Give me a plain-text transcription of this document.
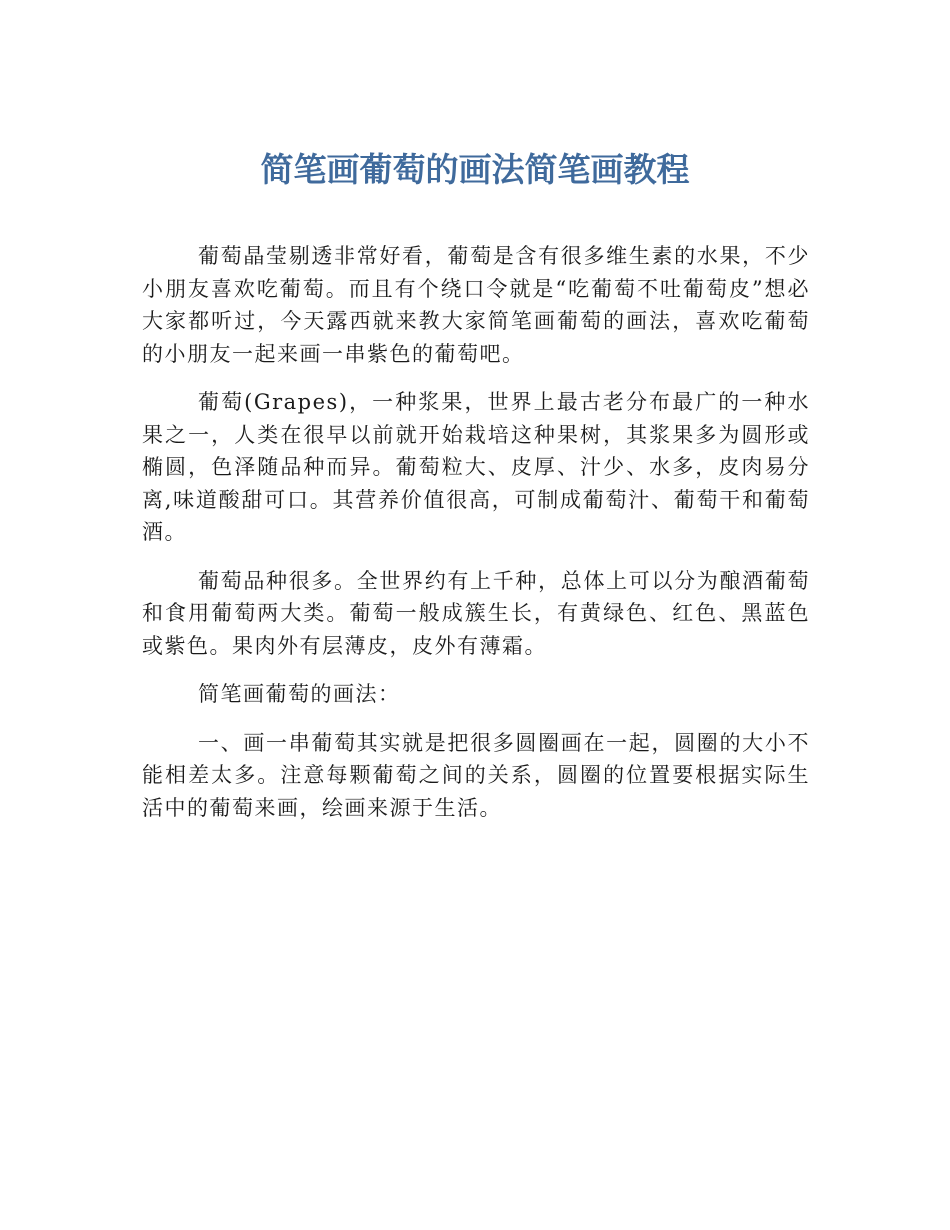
简笔画葡萄的画法简笔画教程

葡萄晶莹剔透非常好看，葡萄是含有很多维生素的水果，不少小朋友喜欢吃葡萄。而且有个绕口令就是“吃葡萄不吐葡萄皮”想必大家都听过，今天露西就来教大家简笔画葡萄的画法，喜欢吃葡萄的小朋友一起来画一串紫色的葡萄吧。

葡萄(Grapes)，一种浆果，世界上最古老分布最广的一种水果之一，人类在很早以前就开始栽培这种果树，其浆果多为圆形或椭圆，色泽随品种而异。葡萄粒大、皮厚、汁少、水多，皮肉易分离,味道酸甜可口。其营养价值很高，可制成葡萄汁、葡萄干和葡萄酒。

葡萄品种很多。全世界约有上千种，总体上可以分为酿酒葡萄和食用葡萄两大类。葡萄一般成簇生长，有黄绿色、红色、黑蓝色或紫色。果肉外有层薄皮，皮外有薄霜。

简笔画葡萄的画法：

一、画一串葡萄其实就是把很多圆圈画在一起，圆圈的大小不能相差太多。注意每颗葡萄之间的关系，圆圈的位置要根据实际生活中的葡萄来画，绘画来源于生活。
